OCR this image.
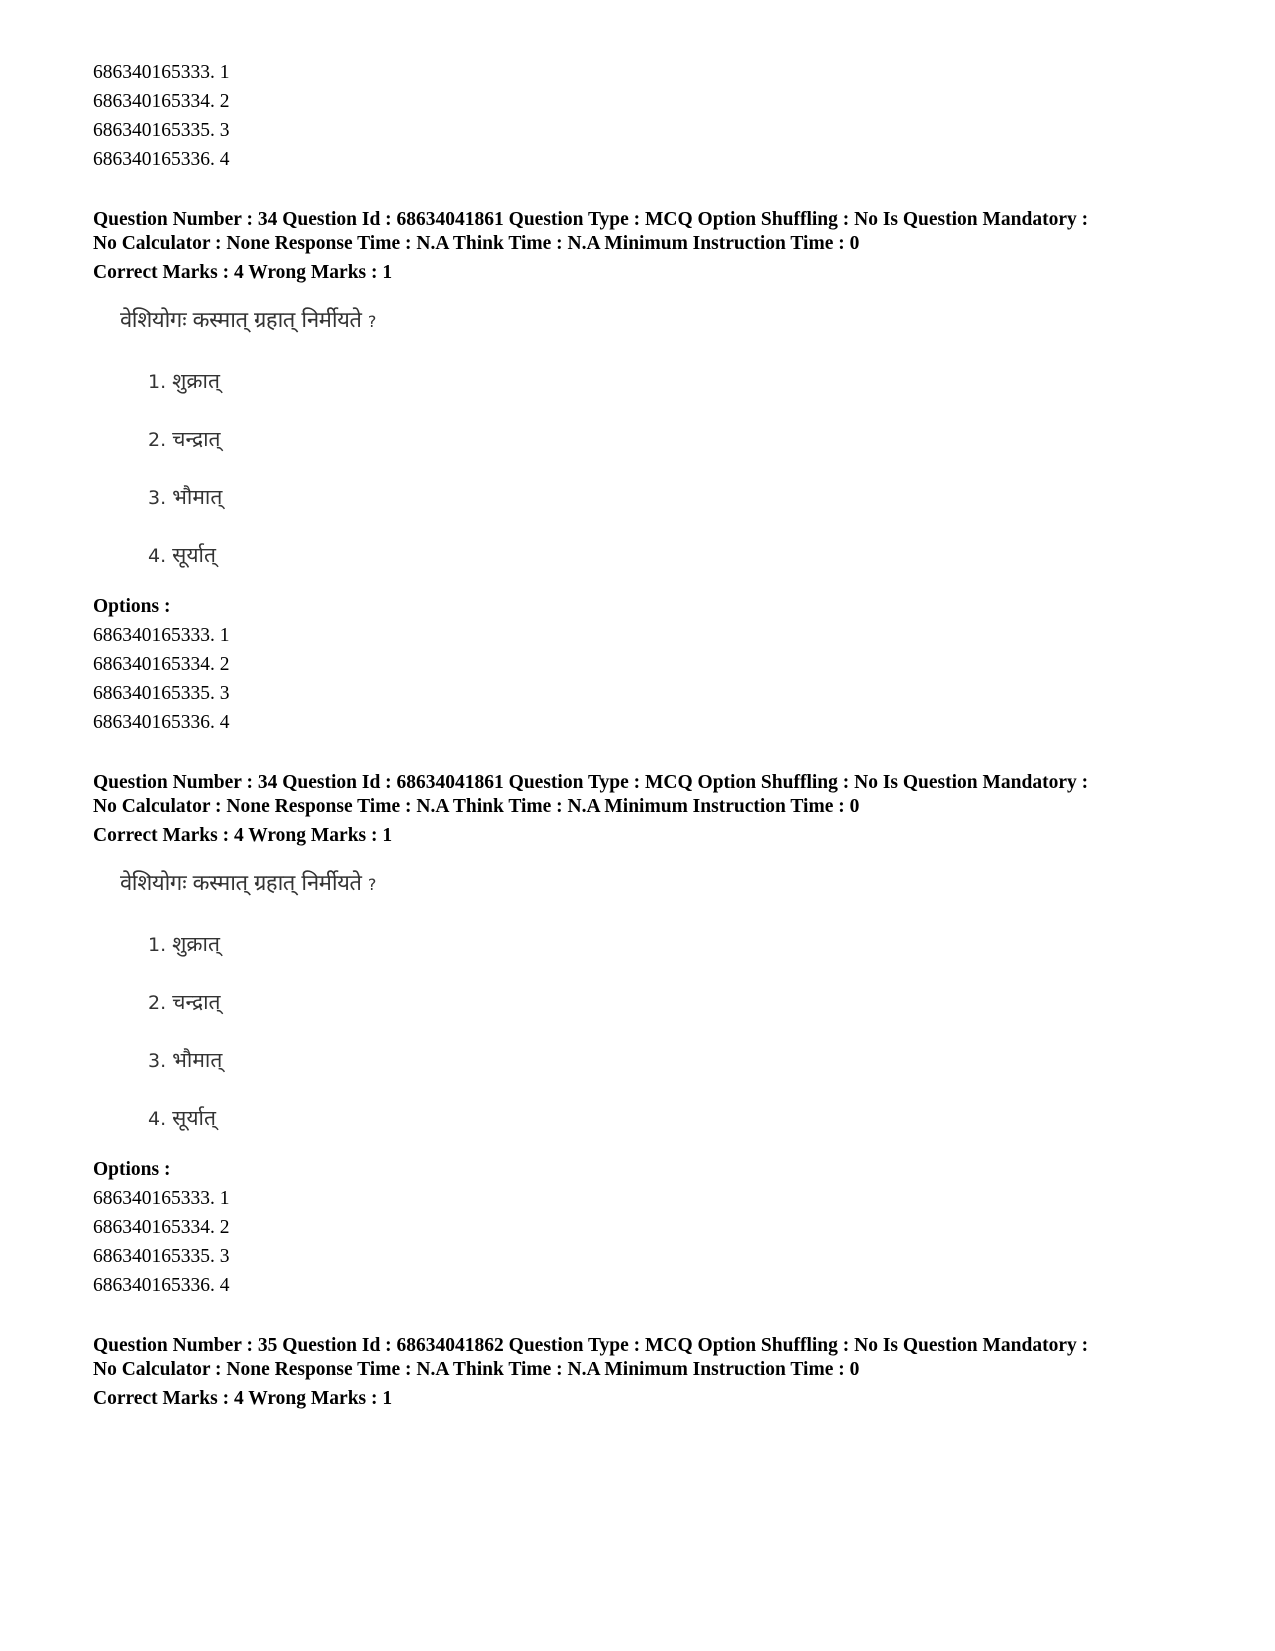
686340165333. 1
686340165334. 2
686340165335. 3
686340165336. 4
Question Number : 34 Question Id : 68634041861 Question Type : MCQ Option Shuffling : No Is Question Mandatory :
No Calculator : None Response Time : N.A Think Time : N.A Minimum Instruction Time : 0
Correct Marks : 4 Wrong Marks : 1
वेशियोगः कस्मात् ग्रहात् निर्मीयते ?
1. शुक्रात्
2. चन्द्रात्
3. भौमात्
4. सूर्यात्
Options :
686340165333. 1
686340165334. 2
686340165335. 3
686340165336. 4
Question Number : 34 Question Id : 68634041861 Question Type : MCQ Option Shuffling : No Is Question Mandatory :
No Calculator : None Response Time : N.A Think Time : N.A Minimum Instruction Time : 0
Correct Marks : 4 Wrong Marks : 1
वेशियोगः कस्मात् ग्रहात् निर्मीयते ?
1. शुक्रात्
2. चन्द्रात्
3. भौमात्
4. सूर्यात्
Options :
686340165333. 1
686340165334. 2
686340165335. 3
686340165336. 4
Question Number : 35 Question Id : 68634041862 Question Type : MCQ Option Shuffling : No Is Question Mandatory :
No Calculator : None Response Time : N.A Think Time : N.A Minimum Instruction Time : 0
Correct Marks : 4 Wrong Marks : 1
